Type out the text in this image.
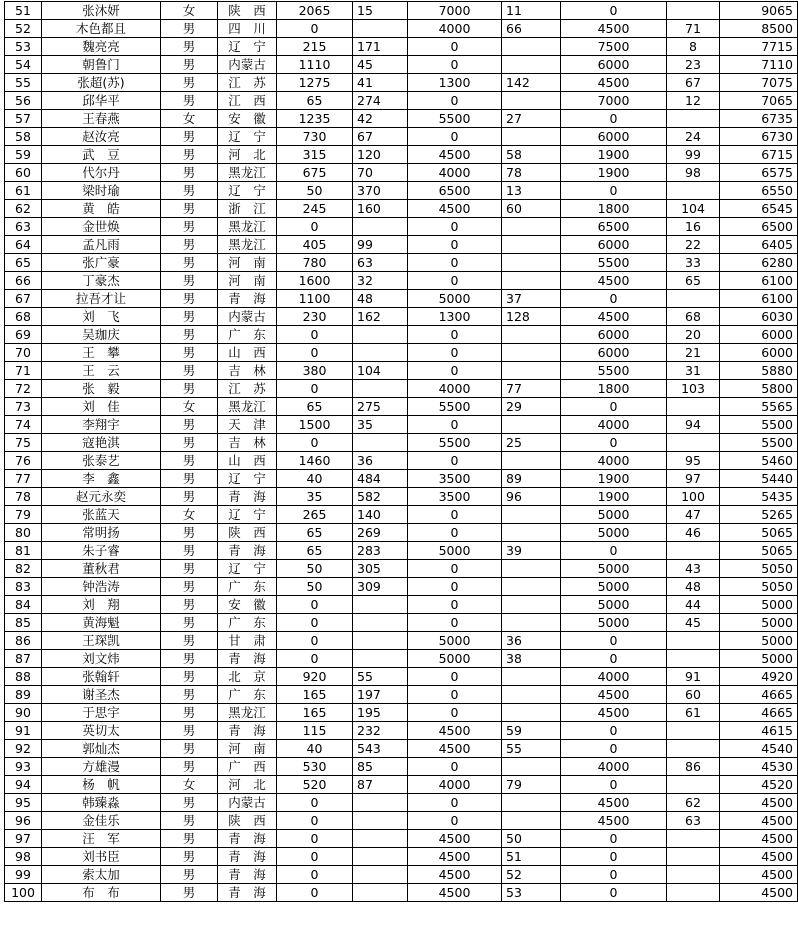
51	张沐妍	女	陕　西	2065	15	7000	11	0		9065
52	木色都且	男	四　川	0		4000	66	4500	71	8500
53	魏亮亮	男	辽　宁	215	171	0		7500	8	7715
54	朝鲁门	男	内蒙古	1110	45	0		6000	23	7110
55	张超(苏)	男	江　苏	1275	41	1300	142	4500	67	7075
56	邱华平	男	江　西	65	274	0		7000	12	7065
57	王春燕	女	安　徽	1235	42	5500	27	0		6735
58	赵汝亮	男	辽　宁	730	67	0		6000	24	6730
59	武　豆	男	河　北	315	120	4500	58	1900	99	6715
60	代尔丹	男	黑龙江	675	70	4000	78	1900	98	6575
61	梁时瑜	男	辽　宁	50	370	6500	13	0		6550
62	黄　皓	男	浙　江	245	160	4500	60	1800	104	6545
63	金世焕	男	黑龙江	0		0		6500	16	6500
64	孟凡雨	男	黑龙江	405	99	0		6000	22	6405
65	张广豪	男	河　南	780	63	0		5500	33	6280
66	丁豪杰	男	河　南	1600	32	0		4500	65	6100
67	拉吾才让	男	青　海	1100	48	5000	37	0		6100
68	刘　飞	男	内蒙古	230	162	1300	128	4500	68	6030
69	吴珈庆	男	广　东	0		0		6000	20	6000
70	王　攀	男	山　西	0		0		6000	21	6000
71	王　云	男	吉　林	380	104	0		5500	31	5880
72	张　毅	男	江　苏	0		4000	77	1800	103	5800
73	刘　佳	女	黑龙江	65	275	5500	29	0		5565
74	李翔宇	男	天　津	1500	35	0		4000	94	5500
75	寇艳淇	男	吉　林	0		5500	25	0		5500
76	张泰艺	男	山　西	1460	36	0		4000	95	5460
77	李　鑫	男	辽　宁	40	484	3500	89	1900	97	5440
78	赵元永奕	男	青　海	35	582	3500	96	1900	100	5435
79	张蓝天	女	辽　宁	265	140	0		5000	47	5265
80	常明扬	男	陕　西	65	269	0		5000	46	5065
81	朱子睿	男	青　海	65	283	5000	39	0		5065
82	董秋君	男	辽　宁	50	305	0		5000	43	5050
83	钟浩涛	男	广　东	50	309	0		5000	48	5050
84	刘　翔	男	安　徽	0		0		5000	44	5000
85	黄海魁	男	广　东	0		0		5000	45	5000
86	王琛凯	男	甘　肃	0		5000	36	0		5000
87	刘文炜	男	青　海	0		5000	38	0		5000
88	张翰轩	男	北　京	920	55	0		4000	91	4920
89	谢圣杰	男	广　东	165	197	0		4500	60	4665
90	于思宇	男	黑龙江	165	195	0		4500	61	4665
91	英切太	男	青　海	115	232	4500	59	0		4615
92	郭灿杰	男	河　南	40	543	4500	55	0		4540
93	方雄漫	男	广　西	530	85	0		4000	86	4530
94	杨　帆	女	河　北	520	87	4000	79	0		4520
95	韩臻淼	男	内蒙古	0		0		4500	62	4500
96	金佳乐	男	陕　西	0		0		4500	63	4500
97	汪　军	男	青　海	0		4500	50	0		4500
98	刘书臣	男	青　海	0		4500	51	0		4500
99	索太加	男	青　海	0		4500	52	0		4500
100	布　布	男	青　海	0		4500	53	0		4500
